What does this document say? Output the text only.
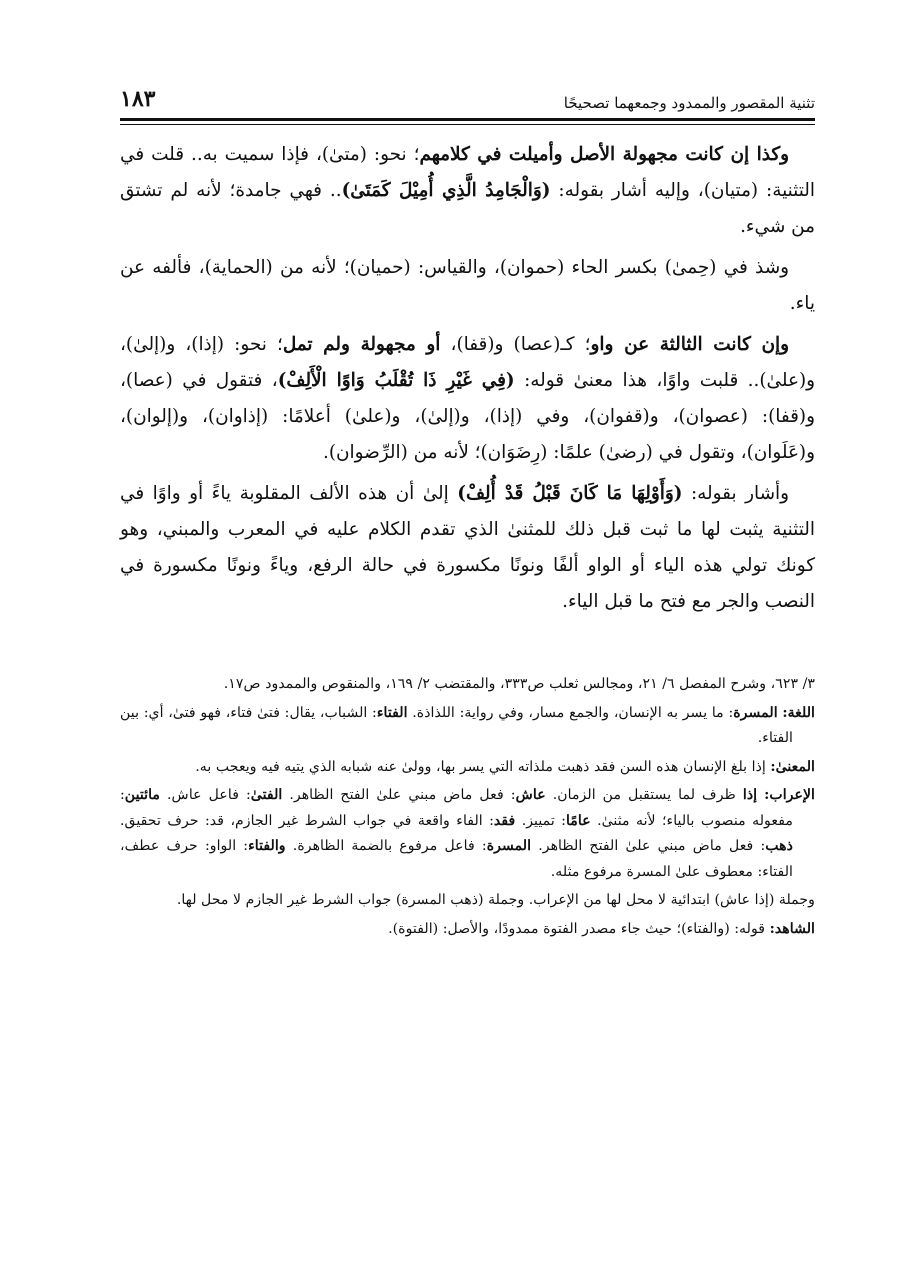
تثنية المقصور والممدود وجمعهما تصحيحًا
١٨٣

وكذا إن كانت مجهولة الأصل وأميلت في كلامهم؛ نحو: (متىٰ)، فإذا سميت به.. قلت في التثنية: (متيان)، وإليه أشار بقوله: (وَالْجَامِدُ الَّذِي أُمِيْلَ كَمَتَىٰ).. فهي جامدة؛ لأنه لم تشتق من شيء.

وشذ في (حِمىٰ) بكسر الحاء (حموان)، والقياس: (حميان)؛ لأنه من (الحماية)، فألفه عن ياء.

وإن كانت الثالثة عن واو؛ كـ(عصا) و(قفا)، أو مجهولة ولم تمل؛ نحو: (إذا)، و(إلىٰ)، و(علىٰ).. قلبت واوًا، هذا معنىٰ قوله: (فِي غَيْرِ ذَا تُقْلَبُ وَاوًا الْأَلِفْ)، فتقول في (عصا)، و(قفا): (عصوان)، و(قفوان)، وفي (إذا)، و(إلىٰ)، و(علىٰ) أعلامًا: (إذاوان)، و(إلوان)، و(عَلَوان)، وتقول في (رضىٰ) علمًا: (رِضَوَان)؛ لأنه من (الرِّضوان).

وأشار بقوله: (وَأَوْلِهَا مَا كَانَ قَبْلُ قَدْ أُلِفْ) إلىٰ أن هذه الألف المقلوبة ياءً أو واوًا في التثنية يثبت لها ما ثبت قبل ذلك للمثنىٰ الذي تقدم الكلام عليه في المعرب والمبني، وهو كونك تولي هذه الياء أو الواو ألفًا ونونًا مكسورة في حالة الرفع، وياءً ونونًا مكسورة في النصب والجر مع فتح ما قبل الياء.

٣/ ٦٢٣، وشرح المفصل ٦/ ٢١، ومجالس ثعلب ص٣٣٣، والمقتضب ٢/ ١٦٩، والمنقوص والممدود ص١٧.

اللغة: المسرة: ما يسر به الإنسان، والجمع مسار، وفي رواية: اللذاذة. الفتاء: الشباب، يقال: فتىٰ فتاء، فهو فتىٰ، أي: بين الفتاء.

المعنىٰ: إذا بلغ الإنسان هذه السن فقد ذهبت ملذاته التي يسر بها، وولىٰ عنه شبابه الذي يتيه فيه ويعجب به.

الإعراب: إذا ظرف لما يستقبل من الزمان. عاش: فعل ماض مبني علىٰ الفتح الظاهر. الفتىٰ: فاعل عاش. مائتين: مفعوله منصوب بالياء؛ لأنه مثنىٰ. عامًا: تمييز. فقد: الفاء واقعة في جواب الشرط غير الجازم، قد: حرف تحقيق. ذهب: فعل ماض مبني علىٰ الفتح الظاهر. المسرة: فاعل مرفوع بالضمة الظاهرة. والفتاء: الواو: حرف عطف، الفتاء: معطوف علىٰ المسرة مرفوع مثله.

وجملة (إذا عاش) ابتدائية لا محل لها من الإعراب. وجملة (ذهب المسرة) جواب الشرط غير الجازم لا محل لها.

الشاهد: قوله: (والفتاء)؛ حيث جاء مصدر الفتوة ممدودًا، والأصل: (الفتوة).
